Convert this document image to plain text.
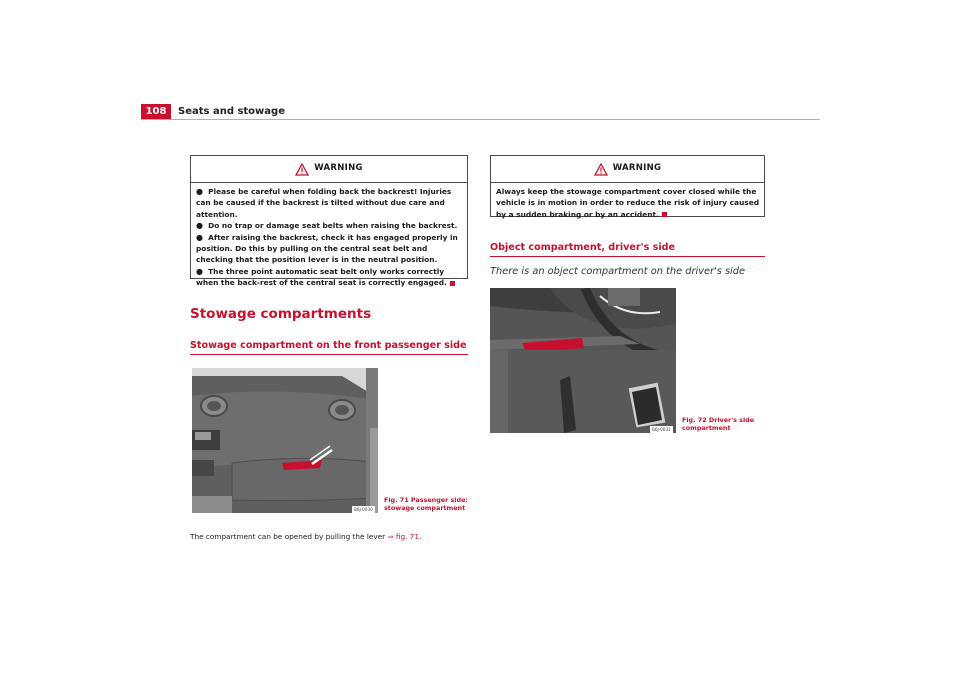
108	Seats and stowage
WARNING

● Please be careful when folding back the backrest! Injuries can be caused if the backrest is tilted without due care and attention.

● Do no trap or damage seat belts when raising the backrest.

● After raising the backrest, check it has engaged properly in position. Do this by pulling on the central seat belt and checking that the position lever is in the neutral position.

● The three point automatic seat belt only works correctly when the back-rest of the central seat is correctly engaged.

Stowage compartments
Stowage compartment on the front passenger side
B6J-0030
Fig. 71 Passenger side:
stowage compartment
The compartment can be opened by pulling the lever ⇒ fig. 71.
WARNING

Always keep the stowage compartment cover closed while the vehicle is in motion in order to reduce the risk of injury caused by a sudden braking or by an accident.

Object compartment, driver's side
There is an object compartment on the driver's side
B6J-0031
Fig. 72 Driver's side
compartment
